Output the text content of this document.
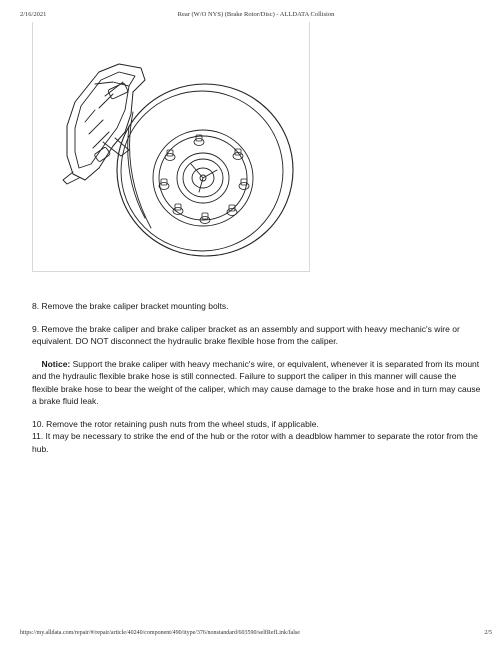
2/16/2021	Rear (W/O NYS) (Brake Rotor/Disc) - ALLDATA Collision

8. Remove the brake caliper bracket mounting bolts.

9. Remove the brake caliper and brake caliper bracket as an assembly and support with heavy mechanic's wire or equivalent. DO NOT disconnect the hydraulic brake flexible hose from the caliper.

Notice: Support the brake caliper with heavy mechanic's wire, or equivalent, whenever it is separated from its mount and the hydraulic flexible brake hose is still connected. Failure to support the caliper in this manner will cause the flexible brake hose to bear the weight of the caliper, which may cause damage to the brake hose and in turn may cause a brake fluid leak.

10. Remove the rotor retaining push nuts from the wheel studs, if applicable.

11. It may be necessary to strike the end of the hub or the rotor with a deadblow hammer to separate the rotor from the hub.

https://my.alldata.com/repair/#/repair/article/40240/component/490/itype/376/nonstandard/603590/selfRefLink/false	2/5
